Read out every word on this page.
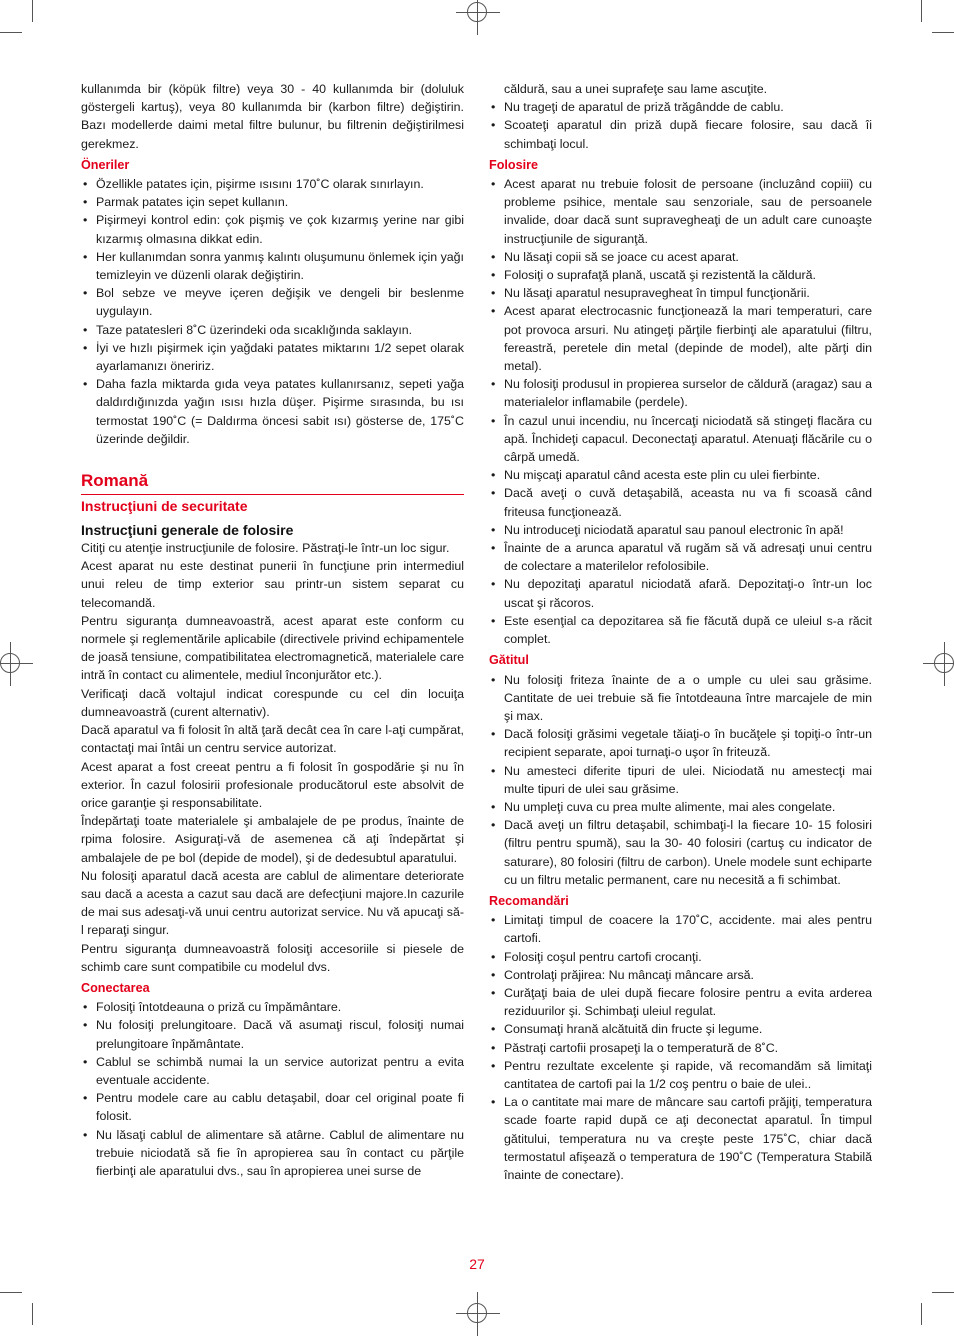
kullanımda bir (köpük filtre) veya 30 - 40 kullanımda bir (doluluk göstergeli kartuş), veya 80 kullanımda bir (karbon filtre) değiştirin. Bazı modellerde daimi metal filtre bulunur, bu filtrenin değiştirilmesi gerekmez.

Öneriler
• Özellikle patates için, pişirme ısısını 170˚C olarak sınırlayın.
• Parmak patates için sepet kullanın.
• Pişirmeyi kontrol edin: çok pişmiş ve çok kızarmış yerine nar gibi kızarmış olmasına dikkat edin.
• Her kullanımdan sonra yanmış kalıntı oluşumunu önlemek için yağı temizleyin ve düzenli olarak değiştirin.
• Bol sebze ve meyve içeren değişik ve dengeli bir beslenme uygulayın.
• Taze patatesleri 8˚C üzerindeki oda sıcaklığında saklayın.
• İyi ve hızlı pişirmek için yağdaki patates miktarını 1/2 sepet olarak ayarlamanızı öneririz.
• Daha fazla miktarda gıda veya patates kullanırsanız, sepeti yağa daldırdığınızda yağın ısısı hızla düşer. Pişirme sırasında, bu ısı termostat 190˚C (= Daldırma öncesi sabit ısı) gösterse de, 175˚C üzerinde değildir.
Romană
Instrucţiuni de securitate
Instrucţiuni generale de folosire

Citiţi cu atenţie instrucţiunile de folosire. Păstraţi-le într-un loc sigur.

Acest aparat nu este destinat punerii în funcţiune prin intermediul unui releu de timp exterior sau printr-un sistem separat cu telecomandă.

Pentru siguranţa dumneavoastră, acest aparat este conform cu normele şi reglementările aplicabile (directivele privind echipamentele de joasă tensiune, compatibilitatea electromagnetică, materialele care intră în contact cu alimentele, mediul înconjurător etc.).

Verificaţi dacă voltajul indicat corespunde cu cel din locuiţa dumneavoastră (curent alternativ).

Dacă aparatul va fi folosit în altă ţară decât cea în care l-aţi cumpărat, contactaţi mai întâi un centru service autorizat.

Acest aparat a fost creeat pentru a fi folosit în gospodărie şi nu în exterior. În cazul folosirii profesionale producătorul este absolvit de orice garanţie şi responsabilitate.

Îndepărtaţi toate materialele şi ambalajele de pe produs, înainte de rpima folosire. Asiguraţi-vă de asemenea că aţi îndepărtat şi ambalajele de pe bol (depide de model), şi de dedesubtul aparatului.

Nu folosiţi aparatul dacă acesta are cablul de alimentare deteriorate sau dacă a acesta a cazut sau dacă are defecţiuni majore.In cazurile de mai sus adesaţi-vă unui centru autorizat service. Nu vă apucaţi să-l reparaţi singur.

Pentru siguranţa dumneavoastră folosiţi accesoriile si piesele de schimb care sunt compatibile cu modelul dvs.

Conectarea
• Folosiţi întotdeauna o priză cu împământare.
• Nu folosiţi prelungitoare. Dacă vă asumaţi riscul, folosiţi numai prelungitoare înpământate.
• Cablul se schimbă numai la un service autorizat pentru a evita eventuale accidente.
• Pentru modele care au cablu detaşabil, doar cel original poate fi folosit.
• Nu lăsaţi cablul de alimentare să atârne. Cablul de alimentare nu trebuie niciodată să fie în apropierea sau în contact cu părţile fierbinţi ale aparatului dvs., sau în apropierea unei surse de

căldură, sau a unei suprafeţe sau lame ascuţite.

• Nu trageţi de aparatul de priză trăgândde de cablu.
• Scoateţi aparatul din priză după fiecare folosire, sau dacă îi schimbaţi locul.
Folosire
• Acest aparat nu trebuie folosit de persoane (incluzând copiii) cu probleme psihice, mentale sau senzoriale, sau de persoanele invalide, doar dacă sunt supravegheaţi de un adult care cunoaşte instrucţiunile de siguranţă.
• Nu lăsaţi copii să se joace cu acest aparat.
• Folosiţi o suprafaţă plană, uscată şi rezistentă la căldură.
• Nu lăsaţi aparatul nesupravegheat în timpul funcţionării.
• Acest aparat electrocasnic funcţionează la mari temperaturi, care pot provoca arsuri. Nu atingeţi părţile fierbinţi ale aparatului (filtru, fereastră, peretele din metal (depinde de model), alte părţi din metal).
• Nu folosiţi produsul in propierea surselor de căldură (aragaz) sau a materialelor inflamabile (perdele).
• În cazul unui incendiu, nu încercaţi niciodată să stingeţi flacăra cu apă. Închideţi capacul. Deconectaţi aparatul. Atenuaţi flăcările cu o cârpă umedă.
• Nu mişcaţi aparatul când acesta este plin cu ulei fierbinte.
• Dacă aveţi o cuvă detaşabilă, aceasta nu va fi scoasă când friteusa funcţionează.
• Nu introduceţi niciodată aparatul sau panoul electronic în apă!
• Înainte de a arunca aparatul vă rugăm să vă adresaţi unui centru de colectare a materilelor refolosibile.
• Nu depozitaţi aparatul niciodată afară. Depozitaţi-o într-un loc uscat şi răcoros.
• Este esenţial ca depozitarea să fie făcută după ce uleiul s-a răcit complet.
Gătitul
• Nu folosiţi friteza înainte de a o umple cu ulei sau grăsime. Cantitate de uei trebuie să fie întotdeauna între marcajele de min şi max.
• Dacă folosiţi grăsimi vegetale tăiaţi-o în bucăţele şi topiţi-o într-un recipient separate, apoi turnaţi-o uşor în friteuză.
• Nu amesteci diferite tipuri de ulei. Niciodată nu amestecţi mai multe tipuri de ulei sau grăsime.
• Nu umpleţi cuva cu prea multe alimente, mai ales congelate.
• Dacă aveţi un filtru detaşabil, schimbaţi-l la fiecare 10- 15 folosiri (filtru pentru spumă), sau la 30- 40 folosiri (cartuş cu indicator de saturare), 80 folosiri (filtru de carbon). Unele modele sunt echiparte cu un filtru metalic permanent, care nu necesită a fi schimbat.
Recomandări
• Limitaţi timpul de coacere la 170˚C, accidente. mai ales pentru cartofi.
• Folosiţi coşul pentru cartofi crocanţi.
• Controlaţi prăjirea: Nu mâncaţi mâncare arsă.
• Curăţaţi baia de ulei după fiecare folosire pentru a evita arderea reziduurilor şi. Schimbaţi uleiul regulat.
• Consumaţi hrană alcătuită din fructe şi legume.
• Păstraţi cartofii prosapeţi la o temperatură de 8˚C.
• Pentru rezultate excelente şi rapide, vă recomandăm să limitaţi cantitatea de cartofi pai la 1/2 coş pentru o baie de ulei..
• La o cantitate mai mare de mâncare sau cartofi prăjiţi, temperatura scade foarte rapid după ce aţi deconectat aparatul. În timpul gătitului, temperatura nu va creşte peste 175˚C, chiar dacă termostatul afişează o temperatura de 190˚C (Temperatura Stabilă înainte de conectare).
27
